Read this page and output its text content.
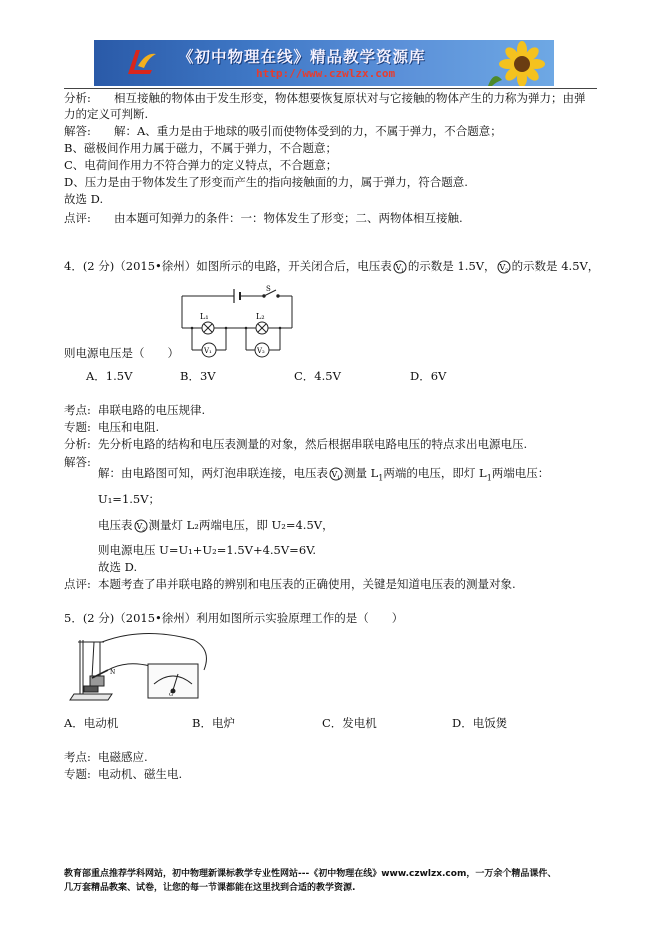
《初中物理在线》精品教学资源库
http://www.czwlzx.com
分析: 相互接触的物体由于发生形变，物体想要恢复原状对与它接触的物体产生的力称为弹力；由弹
力的定义可判断.
解答: 解：A、重力是由于地球的吸引而使物体受到的力，不属于弹力，不合题意；
B、磁极间作用力属于磁力，不属于弹力，不合题意；
C、电荷间作用力不符合弹力的定义特点，不合题意；
D、压力是由于物体发生了形变而产生的指向接触面的力，属于弹力，符合题意.
故选 D.
点评: 由本题可知弹力的条件：一：物体发生了形变；二、两物体相互接触.
4．(2 分)（2015•徐州）如图所示的电路，开关闭合后，电压表 V 1 的示数是 1.5V， V 2 的示数是 4.5V，
S
L₁	L₂
V₁	V₂
则电源电压是（　　）
A．1.5V	B．3V	C．4.5V	D．6V
考点: 串联电路的电压规律.
专题: 电压和电阻.
分析: 先分析电路的结构和电压表测量的对象，然后根据串联电路电压的特点求出电源电压.
解答:
解：由电路图可知，两灯泡串联连接，电压表 V 1 测量 $L_1$两端的电压，即灯 $L_1$两端电压：
U₁=1.5V；
电压表 V 2 测量灯 L₂两端电压，即 U₂=4.5V，
则电源电压 U=U₁+U₂=1.5V+4.5V=6V.
故选 D.
点评: 本题考查了串并联电路的辨别和电压表的正确使用，关键是知道电压表的测量对象.
5．(2 分)（2015•徐州）利用如图所示实验原理工作的是（　　）
N
G
A．电动机	B．电炉	C．发电机	D．电饭煲
考点: 电磁感应.
专题: 电动机、磁生电.
教育部重点推荐学科网站，初中物理新课标教学专业性网站---《初中物理在线》www.czwlzx.com，一万余个精品课件、
几万套精品教案、试卷，让您的每一节课都能在这里找到合适的教学资源.
